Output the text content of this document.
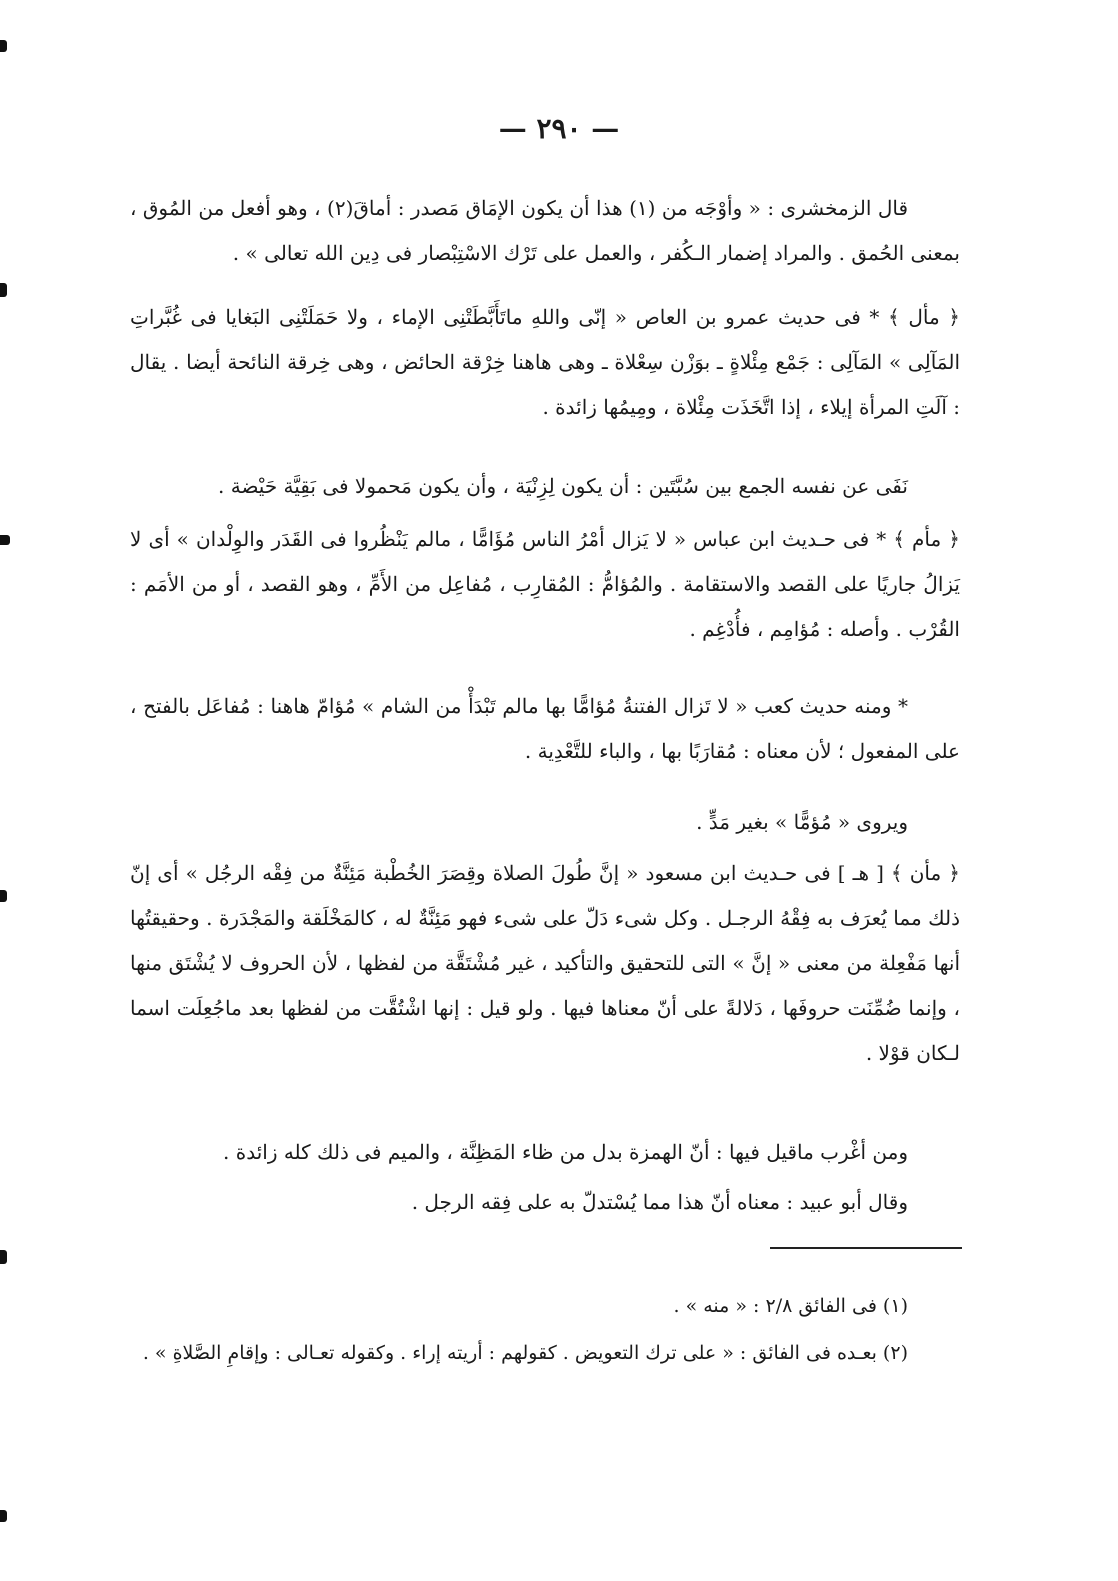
— ٢٩٠ —

قال الزمخشرى : « وأوْجَه من (١) هذا أن يكون الإمَاق مَصدر : أماقَ(٢) ، وهو أفعل من المُوق ، بمعنى الحُمق . والمراد إضمار الـكُفر ، والعمل على تَرْك الاسْتِبْصار فى دِين الله تعالى » .

﴿ مأل ﴾ * فى حديث عمرو بن العاص « إنّى واللهِ ماتَأَبَّطَتْنِى الإماء ، ولا حَمَلَتْنِى البَغايا فى غُبَّراتِ المَآلِى » المَآلِى : جَمْع مِئْلاةٍ ـ بوَزْن سِعْلاة ـ وهى هاهنا خِرْقة الحائض ، وهى خِرقة النائحة أيضا . يقال : آلَتِ المرأة إيلاء ، إذا اتَّخَذَت مِئْلاة ، ومِيمُها زائدة .

نَفَى عن نفسه الجمع بين سُبَّتَين : أن يكون لِزِنْيَة ، وأن يكون مَحمولا فى بَقِيَّة حَيْضة .

﴿ مأم ﴾ * فى حـديث ابن عباس « لا يَزال أمْرُ الناس مُؤَامًّا ، مالم يَنْظُروا فى القَدَر والوِلْدان » أى لا يَزالُ جاريًا على القصد والاستقامة . والمُؤامُّ : المُقارِب ، مُفاعِل من الأَمِّ ، وهو القصد ، أو من الأمَم : القُرْب . وأصله : مُؤامِم ، فأُدْغِم .

* ومنه حديث كعب « لا تَزال الفتنةُ مُؤامًّا بها مالم تَبْدَأْ من الشام » مُؤامّ هاهنا : مُفاعَل بالفتح ، على المفعول ؛ لأن معناه : مُقارَبًا بها ، والباء للتَّعْدِية .

ويروى « مُؤمًّا » بغير مَدٍّ .

﴿ مأن ﴾ [ هـ ] فى حـديث ابن مسعود « إنَّ طُولَ الصلاة وقِصَرَ الخُطْبة مَئِنَّةٌ من فِقْه الرجُل » أى إنّ ذلك مما يُعرَف به فِقْهُ الرجـل . وكل شىء دَلّ على شىء فهو مَئِنَّةٌ له ، كالمَخْلَقة والمَجْدَرة . وحقيقتُها أنها مَفْعِلة من معنى « إنَّ » التى للتحقيق والتأكيد ، غير مُشْتَقَّة من لفظها ، لأن الحروف لا يُشْتَق منها ، وإنما ضُمِّنَت حروفَها ، دَلالةً على أنّ معناها فيها . ولو قيل : إنها اشْتُقَّت من لفظها بعد ماجُعِلَت اسما لـكان قوْلا .

ومن أغْرب ماقيل فيها : أنّ الهمزة بدل من ظاء المَظِنَّة ، والميم فى ذلك كله زائدة .

وقال أبو عبيد : معناه أنّ هذا مما يُسْتدلّ به على فِقه الرجل .

(١) فى الفائق ٢/٨ : « منه » .

(٢) بعـده فى الفائق : « على ترك التعويض . كقولهم : أريته إراء . وكقوله تعـالى : وإقامِ الصَّلاةِ » .
